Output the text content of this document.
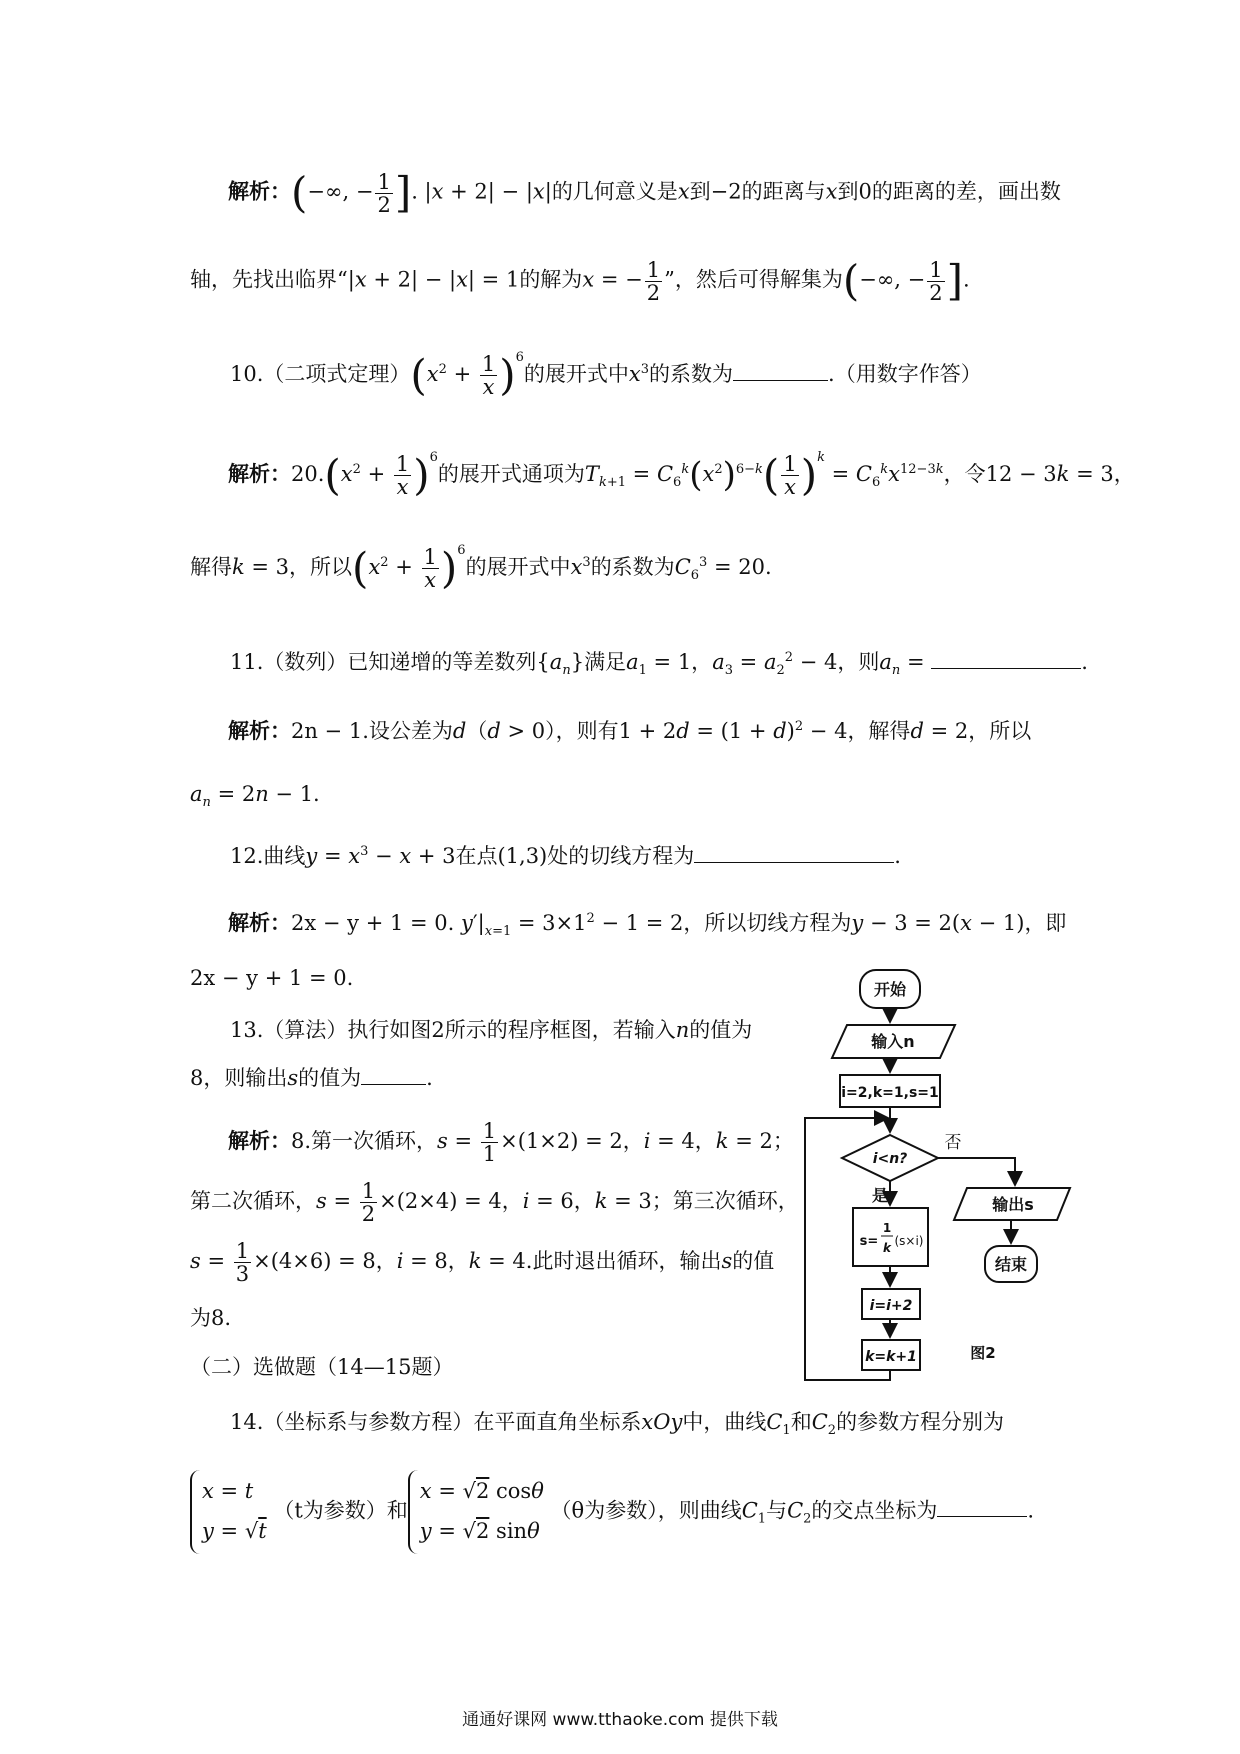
解析：(−∞, − $\frac{1}{2}$ ]. |x + 2| − |x|的几何意义是x到−2的距离与x到0的距离的差，画出数
轴，先找出临界“|x + 2| − |x| = 1的解为x = − $\frac{1}{2}$ ”，然后可得解集为(−∞, − $\frac{1}{2}$ ].
10.（二项式定理）$(x^2 + \frac{1}{x} )^6$的展开式中$x^3$的系数为	.（用数字作答）
解析：$20.(x^2 + \frac{1}{x} )^6$的展开式通项为$T_{k+1} = C_6^k(x^2)^{6-k}( \frac{1}{x} )^k = C_6^kx^{12-3k}$，令12 − 3k = 3，
解得k = 3，所以$(x^2 + \frac{1}{x} )^6$的展开式中$x^3$的系数为$C_6^3 = 20$.
11.（数列）已知递增的等差数列$\{a_n\}$满足$a_1 = 1$，$a_3 = a_2^2 - 4$，则$a_n$ =	.
解析：2n − 1.设公差为d（d > 0），则有$1 + 2d = (1 + d)^2 - 4$，解得d = 2，所以
$a_n = 2n - 1$.
12.曲线$y = x^3 - x + 3$在点(1,3)处的切线方程为	.
解析：2x − y + 1 = 0. $y'|_{x=1} = 3\times 1^2 - 1 = 2$，所以切线方程为y − 3 = 2(x − 1)，即
2x − y + 1 = 0.
13.（算法）执行如图2所示的程序框图，若输入n的值为
8，则输出s的值为	.
解析：8.第一次循环，$s = \frac{1}{1} \times(1\times 2) = 2$，i = 4，k = 2；
第二次循环，$s = \frac{1}{2} \times(2\times 4) = 4$，i = 6，k = 3；第三次循环，
$s = \frac{1}{3} \times(4\times 6) = 8$，i = 8，k = 4.此时退出循环，输出s的值
为8.
（二）选做题（14—15题）
14.（坐标系与参数方程）在平面直角坐标系xOy中，曲线$C_1$和$C_2$的参数方程分别为
x = t
y = √t
（t为参数）和
x = √2 cosθ
y = √2 sinθ
（θ为参数），则曲线$C_1$与$C_2$的交点坐标为	.
开始
输入n
i=2,k=1,s=1
i<n?
否
是	输出s
结束
s=
1
k (s×i)
i=i+2
k=k+1	图2
通通好课网 www.tthaoke.com 提供下载
